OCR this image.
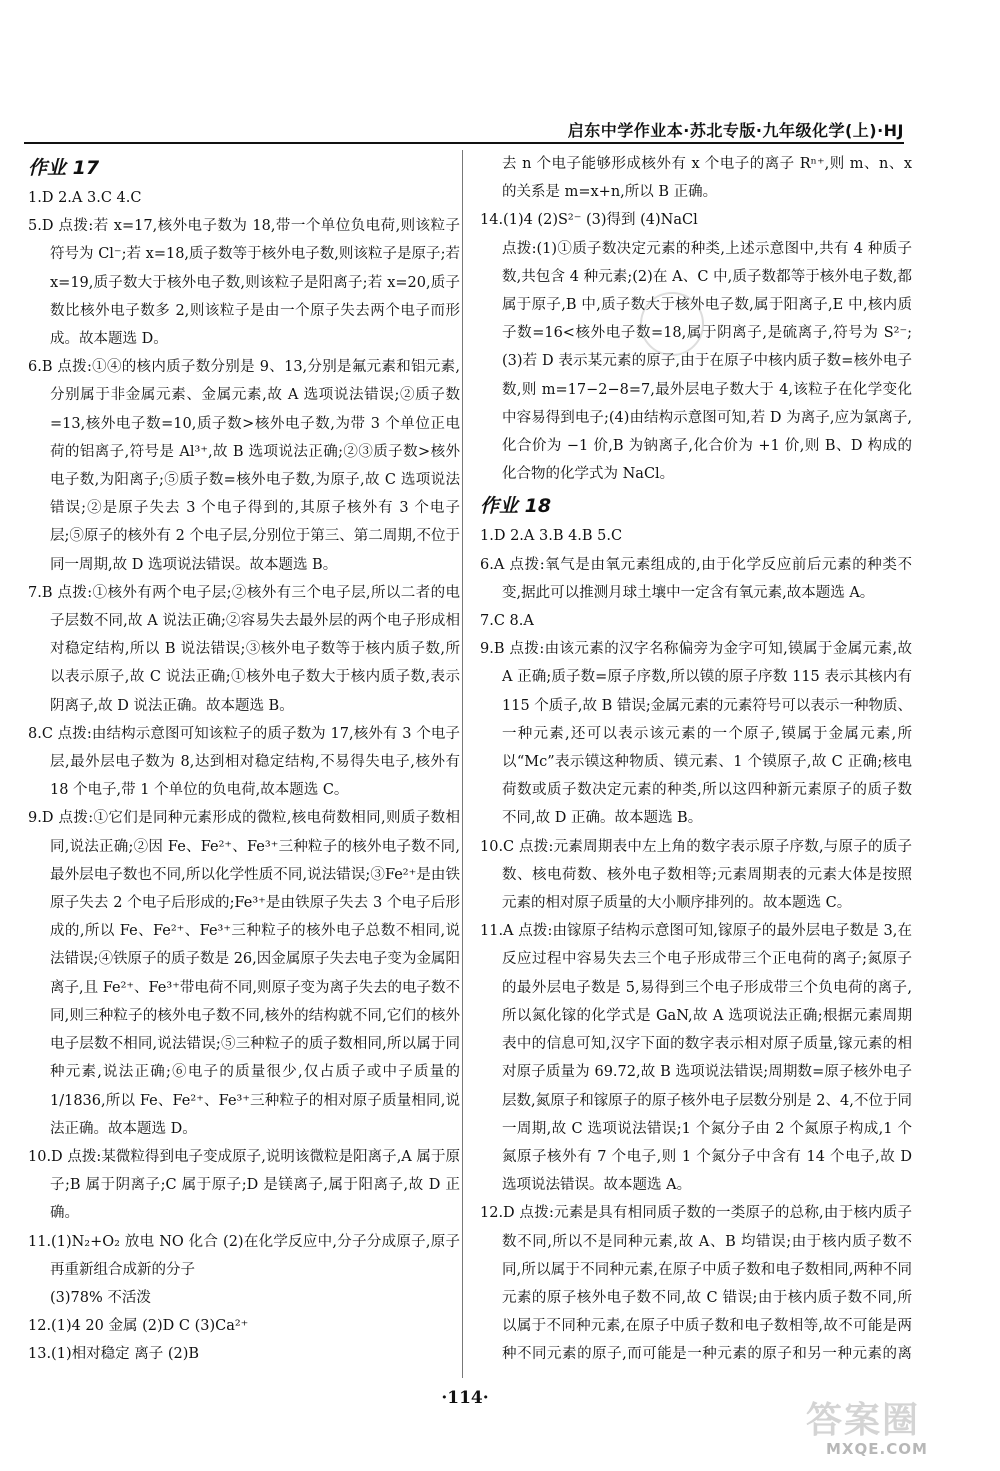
启东中学作业本·苏北专版·九年级化学(上)·HJ
作业 17
1.D 2.A 3.C 4.C
5.D 点拨:若 x=17,核外电子数为 18,带一个单位负电荷,则该粒子符号为 Cl⁻;若 x=18,质子数等于核外电子数,则该粒子是原子;若 x=19,质子数大于核外电子数,则该粒子是阳离子;若 x=20,质子数比核外电子数多 2,则该粒子是由一个原子失去两个电子而形成。故本题选 D。
6.B 点拨:①④的核内质子数分别是 9、13,分别是氟元素和铝元素,分别属于非金属元素、金属元素,故 A 选项说法错误;②质子数=13,核外电子数=10,质子数>核外电子数,为带 3 个单位正电荷的铝离子,符号是 Al³⁺,故 B 选项说法正确;②③质子数>核外电子数,为阳离子;⑤质子数=核外电子数,为原子,故 C 选项说法错误;②是原子失去 3 个电子得到的,其原子核外有 3 个电子层;⑤原子的核外有 2 个电子层,分别位于第三、第二周期,不位于同一周期,故 D 选项说法错误。故本题选 B。
7.B 点拨:①核外有两个电子层;②核外有三个电子层,所以二者的电子层数不同,故 A 说法正确;②容易失去最外层的两个电子形成相对稳定结构,所以 B 说法错误;③核外电子数等于核内质子数,所以表示原子,故 C 说法正确;①核外电子数大于核内质子数,表示阴离子,故 D 说法正确。故本题选 B。
8.C 点拨:由结构示意图可知该粒子的质子数为 17,核外有 3 个电子层,最外层电子数为 8,达到相对稳定结构,不易得失电子,核外有 18 个电子,带 1 个单位的负电荷,故本题选 C。
9.D 点拨:①它们是同种元素形成的微粒,核电荷数相同,则质子数相同,说法正确;②因 Fe、Fe²⁺、Fe³⁺三种粒子的核外电子数不同,最外层电子数也不同,所以化学性质不同,说法错误;③Fe²⁺是由铁原子失去 2 个电子后形成的;Fe³⁺是由铁原子失去 3 个电子后形成的,所以 Fe、Fe²⁺、Fe³⁺三种粒子的核外电子总数不相同,说法错误;④铁原子的质子数是 26,因金属原子失去电子变为金属阳离子,且 Fe²⁺、Fe³⁺带电荷不同,则原子变为离子失去的电子数不同,则三种粒子的核外电子数不同,核外的结构就不同,它们的核外电子层数不相同,说法错误;⑤三种粒子的质子数相同,所以属于同种元素,说法正确;⑥电子的质量很少,仅占质子或中子质量的 1/1836,所以 Fe、Fe²⁺、Fe³⁺三种粒子的相对原子质量相同,说法正确。故本题选 D。
10.D 点拨:某微粒得到电子变成原子,说明该微粒是阳离子,A 属于原子;B 属于阴离子;C 属于原子;D 是镁离子,属于阳离子,故 D 正确。
11.(1)N₂+O₂ 放电 NO 化合 (2)在化学反应中,分子分成原子,原子再重新组合成新的分子
(3)78% 不活泼
12.(1)4 20 金属 (2)D C (3)Ca²⁺
13.(1)相对稳定 离子 (2)B
去 n 个电子能够形成核外有 x 个电子的离子 Rⁿ⁺,则 m、n、x 的关系是 m=x+n,所以 B 正确。
14.(1)4 (2)S²⁻ (3)得到 (4)NaCl
点拨:(1)①质子数决定元素的种类,上述示意图中,共有 4 种质子数,共包含 4 种元素;(2)在 A、C 中,质子数都等于核外电子数,都属于原子,B 中,质子数大于核外电子数,属于阳离子,E 中,核内质子数=16<核外电子数=18,属于阴离子,是硫离子,符号为 S²⁻;(3)若 D 表示某元素的原子,由于在原子中核内质子数=核外电子数,则 m=17−2−8=7,最外层电子数大于 4,该粒子在化学变化中容易得到电子;(4)由结构示意图可知,若 D 为离子,应为氯离子,化合价为 −1 价,B 为钠离子,化合价为 +1 价,则 B、D 构成的化合物的化学式为 NaCl。
作业 18
1.D 2.A 3.B 4.B 5.C
6.A 点拨:氧气是由氧元素组成的,由于化学反应前后元素的种类不变,据此可以推测月球土壤中一定含有氧元素,故本题选 A。
7.C 8.A
9.B 点拨:由该元素的汉字名称偏旁为金字可知,镆属于金属元素,故 A 正确;质子数=原子序数,所以镆的原子序数 115 表示其核内有 115 个质子,故 B 错误;金属元素的元素符号可以表示一种物质、一种元素,还可以表示该元素的一个原子,镆属于金属元素,所以“Mc”表示镆这种物质、镆元素、1 个镆原子,故 C 正确;核电荷数或质子数决定元素的种类,所以这四种新元素原子的质子数不同,故 D 正确。故本题选 B。
10.C 点拨:元素周期表中左上角的数字表示原子序数,与原子的质子数、核电荷数、核外电子数相等;元素周期表的元素大体是按照元素的相对原子质量的大小顺序排列的。故本题选 C。
11.A 点拨:由镓原子结构示意图可知,镓原子的最外层电子数是 3,在反应过程中容易失去三个电子形成带三个正电荷的离子;氮原子的最外层电子数是 5,易得到三个电子形成带三个负电荷的离子,所以氮化镓的化学式是 GaN,故 A 选项说法正确;根据元素周期表中的信息可知,汉字下面的数字表示相对原子质量,镓元素的相对原子质量为 69.72,故 B 选项说法错误;周期数=原子核外电子层数,氮原子和镓原子的原子核外电子层数分别是 2、4,不位于同一周期,故 C 选项说法错误;1 个氮分子由 2 个氮原子构成,1 个氮原子核外有 7 个电子,则 1 个氮分子中含有 14 个电子,故 D 选项说法错误。故本题选 A。
12.D 点拨:元素是具有相同质子数的一类原子的总称,由于核内质子数不同,所以不是同种元素,故 A、B 均错误;由于核内质子数不同,所以属于不同种元素,在原子中质子数和电子数相同,两种不同元素的原子核外电子数不同,故 C 错误;由于核内质子数不同,所以属于不同种元素,在原子中质子数和电子数相等,故不可能是两种不同元素的原子,而可能是一种元素的原子和另一种元素的离
·114·
答案圈
MXQE.COM
